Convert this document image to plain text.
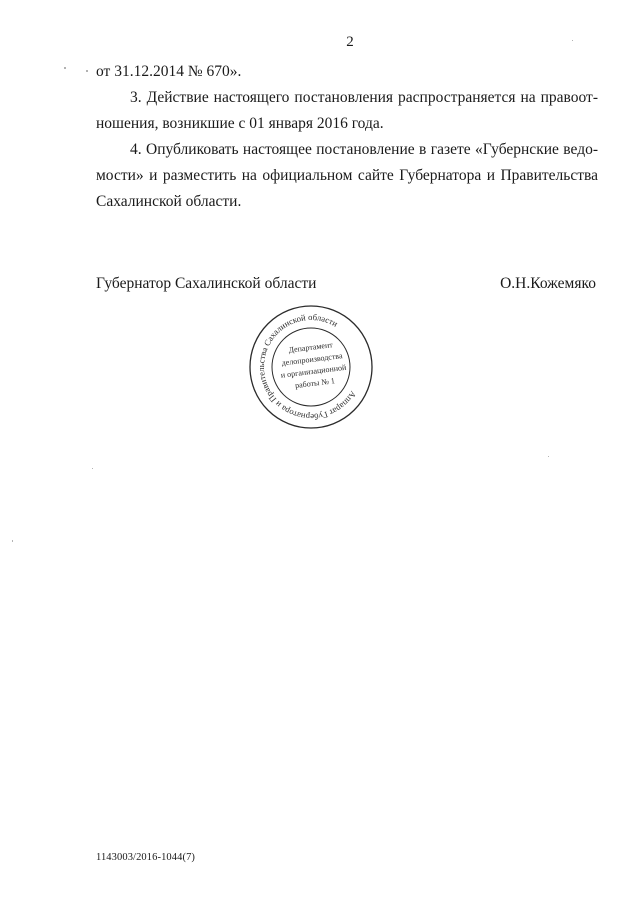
2
от 31.12.2014 № 670».
3. Действие настоящего постановления распространяется на правоот-
ношения, возникшие с 01 января 2016 года.
4. Опубликовать настоящее постановление в газете «Губернские ведо-
мости» и разместить на официальном сайте Губернатора и Правительства
Сахалинской области.
Губернатор Сахалинской области	О.Н.Кожемяко
Аппарат Губернатора и Правительства Сахалинской области
Департамент
делопроизводства
и организационной
работы № 1
1143003/2016-1044(7)
